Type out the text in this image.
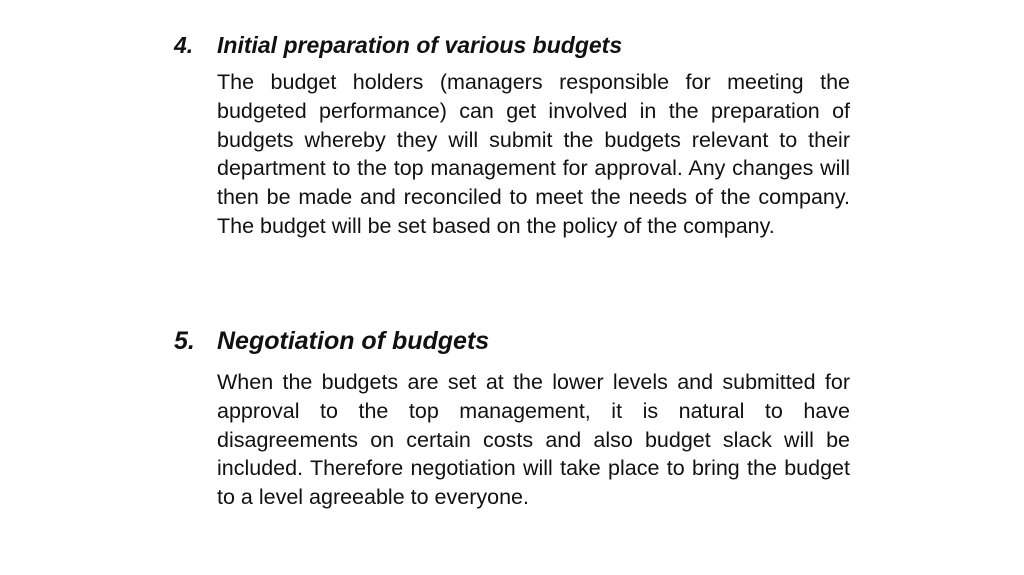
4.	Initial preparation of various budgets

The budget holders (managers responsible for meeting the budgeted performance) can get involved in the preparation of budgets whereby they will submit the budgets relevant to their department to the top management for approval. Any changes will then be made and reconciled to meet the needs of the company. The budget will be set based on the policy of the company.

5. Negotiation of budgets

When the budgets are set at the lower levels and submitted for approval to the top management, it is natural to have disagreements on certain costs and also budget slack will be included. Therefore negotiation will take place to bring the budget to a level agreeable to everyone.
